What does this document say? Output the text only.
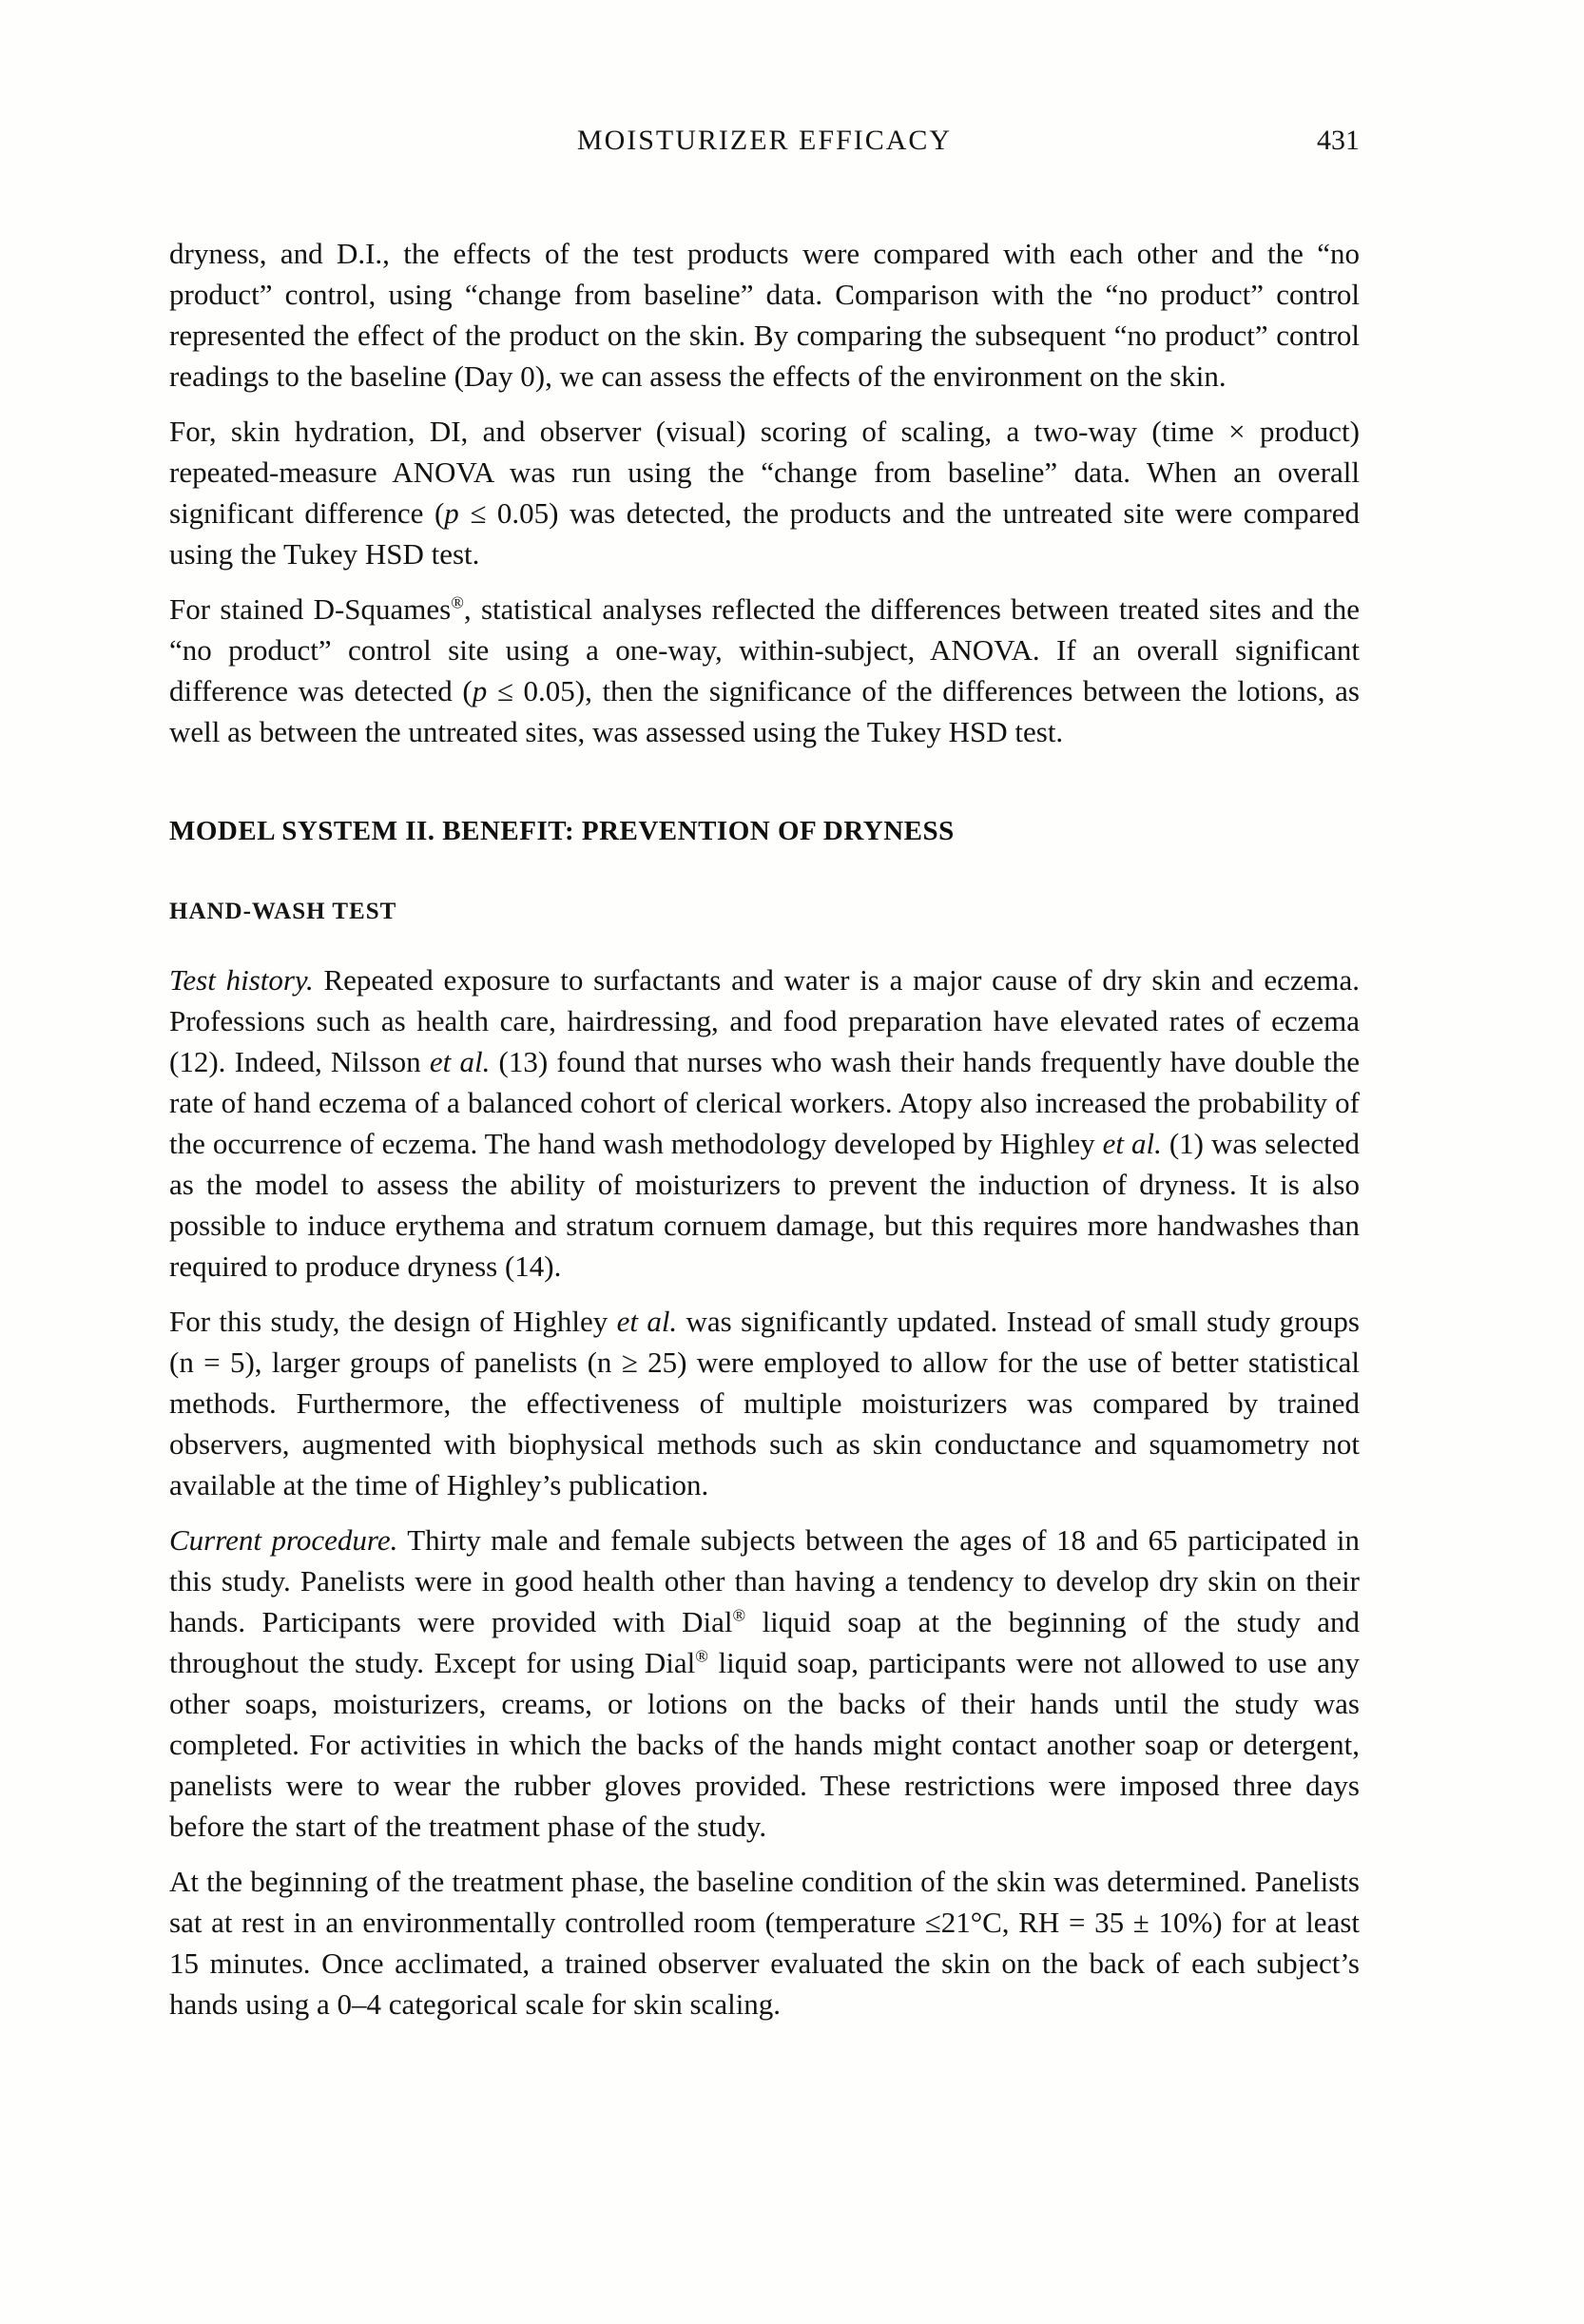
MOISTURIZER EFFICACY	431

dryness, and D.I., the effects of the test products were compared with each other and the “no product” control, using “change from baseline” data. Comparison with the “no product” control represented the effect of the product on the skin. By comparing the subsequent “no product” control readings to the baseline (Day 0), we can assess the effects of the environment on the skin.

For, skin hydration, DI, and observer (visual) scoring of scaling, a two-way (time × product) repeated-measure ANOVA was run using the “change from baseline” data. When an overall significant difference (p ≤ 0.05) was detected, the products and the untreated site were compared using the Tukey HSD test.

For stained D-Squames®, statistical analyses reflected the differences between treated sites and the “no product” control site using a one-way, within-subject, ANOVA. If an overall significant difference was detected (p ≤ 0.05), then the significance of the differences between the lotions, as well as between the untreated sites, was assessed using the Tukey HSD test.

MODEL SYSTEM II. BENEFIT: PREVENTION OF DRYNESS
HAND-WASH TEST

Test history. Repeated exposure to surfactants and water is a major cause of dry skin and eczema. Professions such as health care, hairdressing, and food preparation have elevated rates of eczema (12). Indeed, Nilsson et al. (13) found that nurses who wash their hands frequently have double the rate of hand eczema of a balanced cohort of clerical workers. Atopy also increased the probability of the occurrence of eczema. The hand wash methodology developed by Highley et al. (1) was selected as the model to assess the ability of moisturizers to prevent the induction of dryness. It is also possible to induce erythema and stratum cornuem damage, but this requires more handwashes than required to produce dryness (14).

For this study, the design of Highley et al. was significantly updated. Instead of small study groups (n = 5), larger groups of panelists (n ≥ 25) were employed to allow for the use of better statistical methods. Furthermore, the effectiveness of multiple moisturizers was compared by trained observers, augmented with biophysical methods such as skin conductance and squamometry not available at the time of Highley’s publication.

Current procedure. Thirty male and female subjects between the ages of 18 and 65 participated in this study. Panelists were in good health other than having a tendency to develop dry skin on their hands. Participants were provided with Dial® liquid soap at the beginning of the study and throughout the study. Except for using Dial® liquid soap, participants were not allowed to use any other soaps, moisturizers, creams, or lotions on the backs of their hands until the study was completed. For activities in which the backs of the hands might contact another soap or detergent, panelists were to wear the rubber gloves provided. These restrictions were imposed three days before the start of the treatment phase of the study.

At the beginning of the treatment phase, the baseline condition of the skin was determined. Panelists sat at rest in an environmentally controlled room (temperature ≤21°C, RH = 35 ± 10%) for at least 15 minutes. Once acclimated, a trained observer evaluated the skin on the back of each subject’s hands using a 0–4 categorical scale for skin scaling.
